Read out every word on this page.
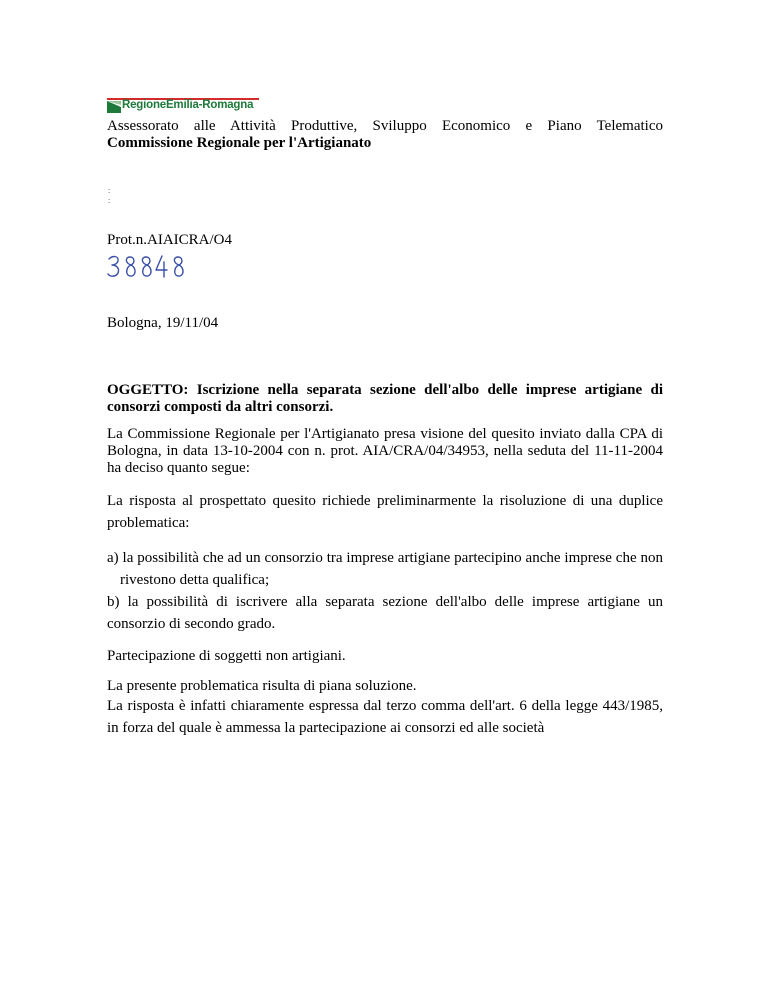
RegioneEmilia-Romagna
Assessorato alle Attività Produttive, Sviluppo Economico e Piano Telematico
Commissione Regionale per l'Artigianato
:
:
Prot.n.AIAICRA/O4
Bologna, 19/11/04

OGGETTO: Iscrizione nella separata sezione dell'albo delle imprese artigiane di consorzi composti da altri consorzi.

La Commissione Regionale per l'Artigianato presa visione del quesito inviato dalla CPA di Bologna, in data 13-10-2004 con n. prot. AIA/CRA/04/34953, nella seduta del 11-11-2004 ha deciso quanto segue:

La risposta al prospettato quesito richiede preliminarmente la risoluzione di una duplice problematica:

a) la possibilità che ad un consorzio tra imprese artigiane partecipino anche imprese che non rivestono detta qualifica;

b) la possibilità di iscrivere alla separata sezione dell'albo delle imprese artigiane un consorzio di secondo grado.

Partecipazione di soggetti non artigiani.

La presente problematica risulta di piana soluzione.

La risposta è infatti chiaramente espressa dal terzo comma dell'art. 6 della legge 443/1985, in forza del quale è ammessa la partecipazione ai consorzi ed alle società
